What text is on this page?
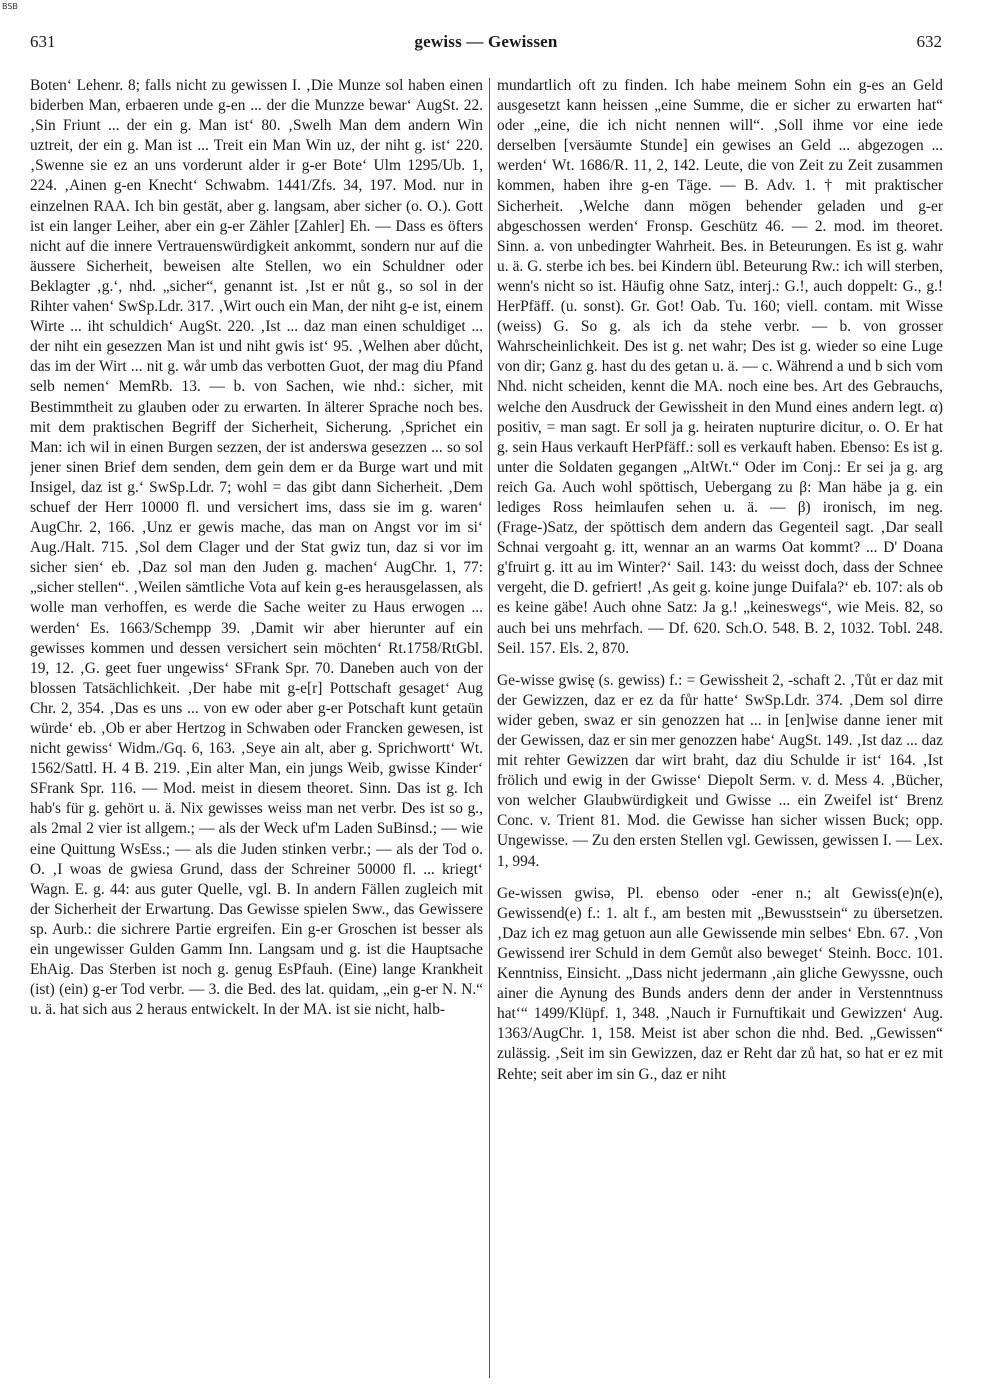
BSB
631	gewiss — Gewissen	632

Boten‘ Lehenr. 8; falls nicht zu gewissen I. ‚Die Munze sol haben einen biderben Man, erbaeren unde g-en ... der die Munzze bewar‘ AugSt. 22. ‚Sin Friunt ... der ein g. Man ist‘ 80. ‚Swelh Man dem andern Win uztreit, der ein g. Man ist ... Treit ein Man Win uz, der niht g. ist‘ 220. ‚Swenne sie ez an uns vorderunt alder ir g-er Bote‘ Ulm 1295/Ub. 1, 224. ‚Ainen g-en Knecht‘ Schwabm. 1441/Zfs. 34, 197. Mod. nur in einzelnen RAA. Ich bin gestät, aber g. langsam, aber sicher (o. O.). Gott ist ein langer Leiher, aber ein g-er Zähler [Zahler] Eh. — Dass es öfters nicht auf die innere Vertrauenswürdigkeit ankommt, sondern nur auf die äussere Sicherheit, beweisen alte Stellen, wo ein Schuldner oder Beklagter ‚g.‘, nhd. „sicher“, genannt ist. ‚Ist er nůt g., so sol in der Rihter vahen‘ SwSp.Ldr. 317. ‚Wirt ouch ein Man, der niht g-e ist, einem Wirte ... iht schuldich‘ AugSt. 220. ‚Ist ... daz man einen schuldiget ... der niht ein gesezzen Man ist und niht gwis ist‘ 95. ‚Welhen aber důcht, das im der Wirt ... nit g. wår umb das verbotten Guot, der mag diu Pfand selb nemen‘ MemRb. 13. — b. von Sachen, wie nhd.: sicher, mit Bestimmtheit zu glauben oder zu erwarten. In älterer Sprache noch bes. mit dem praktischen Begriff der Sicherheit, Sicherung. ‚Sprichet ein Man: ich wil in einen Burgen sezzen, der ist anderswa gesezzen ... so sol jener sinen Brief dem senden, dem gein dem er da Burge wart und mit Insigel, daz ist g.‘ SwSp.Ldr. 7; wohl = das gibt dann Sicherheit. ‚Dem schuef der Herr 10000 fl. und versichert ims, dass sie im g. waren‘ AugChr. 2, 166. ‚Unz er gewis mache, das man on Angst vor im si‘ Aug./Halt. 715. ‚Sol dem Clager und der Stat gwiz tun, daz si vor im sicher sien‘ eb. ‚Daz sol man den Juden g. machen‘ AugChr. 1, 77: „sicher stellen“. ‚Weilen sämtliche Vota auf kein g-es herausgelassen, als wolle man verhoffen, es werde die Sache weiter zu Haus erwogen ... werden‘ Es. 1663/Schempp 39. ‚Damit wir aber hierunter auf ein gewisses kommen und dessen versichert sein möchten‘ Rt.1758/RtGbl. 19, 12. ‚G. geet fuer ungewiss‘ SFrank Spr. 70. Daneben auch von der blossen Tatsächlichkeit. ‚Der habe mit g-e[r] Pottschaft gesaget‘ Aug Chr. 2, 354. ‚Das es uns ... von ew oder aber g-er Potschaft kunt getaün würde‘ eb. ‚Ob er aber Hertzog in Schwaben oder Francken gewesen, ist nicht gewiss‘ Widm./Gq. 6, 163. ‚Seye ain alt, aber g. Sprichwortt‘ Wt. 1562/Sattl. H. 4 B. 219. ‚Ein alter Man, ein jungs Weib, gwisse Kinder‘ SFrank Spr. 116. — Mod. meist in diesem theoret. Sinn. Das ist g. Ich hab's für g. gehört u. ä. Nix gewisses weiss man net verbr. Des ist so g., als 2mal 2 vier ist allgem.; — als der Weck uf'm Laden SuBinsd.; — wie eine Quittung WsEss.; — als die Juden stinken verbr.; — als der Tod o. O. ‚I woas de gwiesa Grund, dass der Schreiner 50000 fl. ... kriegt‘ Wagn. E. g. 44: aus guter Quelle, vgl. B. In andern Fällen zugleich mit der Sicherheit der Erwartung. Das Gewisse spielen Sww., das Gewissere sp. Aurb.: die sichrere Partie ergreifen. Ein g-er Groschen ist besser als ein ungewisser Gulden Gamm Inn. Langsam und g. ist die Hauptsache EhAig. Das Sterben ist noch g. genug EsPfauh. (Eine) lange Krankheit (ist) (ein) g-er Tod verbr. — 3. die Bed. des lat. quidam, „ein g-er N. N.“ u. ä. hat sich aus 2 heraus entwickelt. In der MA. ist sie nicht, halb-

mundartlich oft zu finden. Ich habe meinem Sohn ein g-es an Geld ausgesetzt kann heissen „eine Summe, die er sicher zu erwarten hat“ oder „eine, die ich nicht nennen will“. ‚Soll ihme vor eine iede derselben [versäumte Stunde] ein gewises an Geld ... abgezogen ... werden‘ Wt. 1686/R. 11, 2, 142. Leute, die von Zeit zu Zeit zusammen kommen, haben ihre g-en Täge. — B. Adv. 1. † mit praktischer Sicherheit. ‚Welche dann mögen behender geladen und g-er abgeschossen werden‘ Fronsp. Geschütz 46. — 2. mod. im theoret. Sinn. a. von unbedingter Wahrheit. Bes. in Beteurungen. Es ist g. wahr u. ä. G. sterbe ich bes. bei Kindern übl. Beteurung Rw.: ich will sterben, wenn's nicht so ist. Häufig ohne Satz, interj.: G.!, auch doppelt: G., g.! HerPfäff. (u. sonst). Gr. Got! Oab. Tu. 160; viell. contam. mit Wisse (weiss) G. So g. als ich da stehe verbr. — b. von grosser Wahrscheinlichkeit. Des ist g. net wahr; Des ist g. wieder so eine Luge von dir; Ganz g. hast du des getan u. ä. — c. Während a und b sich vom Nhd. nicht scheiden, kennt die MA. noch eine bes. Art des Gebrauchs, welche den Ausdruck der Gewissheit in den Mund eines andern legt. α) positiv, = man sagt. Er soll ja g. heiraten nupturire dicitur, o. O. Er hat g. sein Haus verkauft HerPfäff.: soll es verkauft haben. Ebenso: Es ist g. unter die Soldaten gegangen „AltWt.“ Oder im Conj.: Er sei ja g. arg reich Ga. Auch wohl spöttisch, Uebergang zu β: Man häbe ja g. ein lediges Ross heimlaufen sehen u. ä. — β) ironisch, im neg. (Frage-)Satz, der spöttisch dem andern das Gegenteil sagt. ‚Dar seall Schnai vergoaht g. itt, wennar an an warms Oat kommt? ... D' Doana g'fruirt g. itt au im Winter?‘ Sail. 143: du weisst doch, dass der Schnee vergeht, die D. gefriert! ‚As geit g. koine junge Duifala?‘ eb. 107: als ob es keine gäbe! Auch ohne Satz: Ja g.! „keineswegs“, wie Meis. 82, so auch bei uns mehrfach. — Df. 620. Sch.O. 548. B. 2, 1032. Tobl. 248. Seil. 157. Els. 2, 870.

Ge-wisse gwisę (s. gewiss) f.: = Gewissheit 2, -schaft 2. ‚Tůt er daz mit der Gewizzen, daz er ez da fůr hatte‘ SwSp.Ldr. 374. ‚Dem sol dirre wider geben, swaz er sin genozzen hat ... in [en]wise danne iener mit der Gewissen, daz er sin mer genozzen habe‘ AugSt. 149. ‚Ist daz ... daz mit rehter Gewizzen dar wirt braht, daz diu Schulde ir ist‘ 164. ‚Ist frölich und ewig in der Gwisse‘ Diepolt Serm. v. d. Mess 4. ‚Bücher, von welcher Glaubwürdigkeit und Gwisse ... ein Zweifel ist‘ Brenz Conc. v. Trient 81. Mod. die Gewisse han sicher wissen Buck; opp. Ungewisse. — Zu den ersten Stellen vgl. Gewissen, gewissen I. — Lex. 1, 994.

Ge-wissen gwisə, Pl. ebenso oder -ener n.; alt Gewiss(e)n(e), Gewissend(e) f.: 1. alt f., am besten mit „Bewusstsein“ zu übersetzen. ‚Daz ich ez mag getuon aun alle Gewissende min selbes‘ Ebn. 67. ‚Von Gewissend irer Schuld in dem Gemůt also beweget‘ Steinh. Bocc. 101. Kenntniss, Einsicht. „Dass nicht jedermann ‚ain gliche Gewyssne, ouch ainer die Aynung des Bunds anders denn der ander in Verstenntnuss hat‘“ 1499/Klüpf. 1, 348. ‚Nauch ir Furnuftikait und Gewizzen‘ Aug. 1363/AugChr. 1, 158. Meist ist aber schon die nhd. Bed. „Gewissen“ zulässig. ‚Seit im sin Gewizzen, daz er Reht dar zů hat, so hat er ez mit Rehte; seit aber im sin G., daz er niht
